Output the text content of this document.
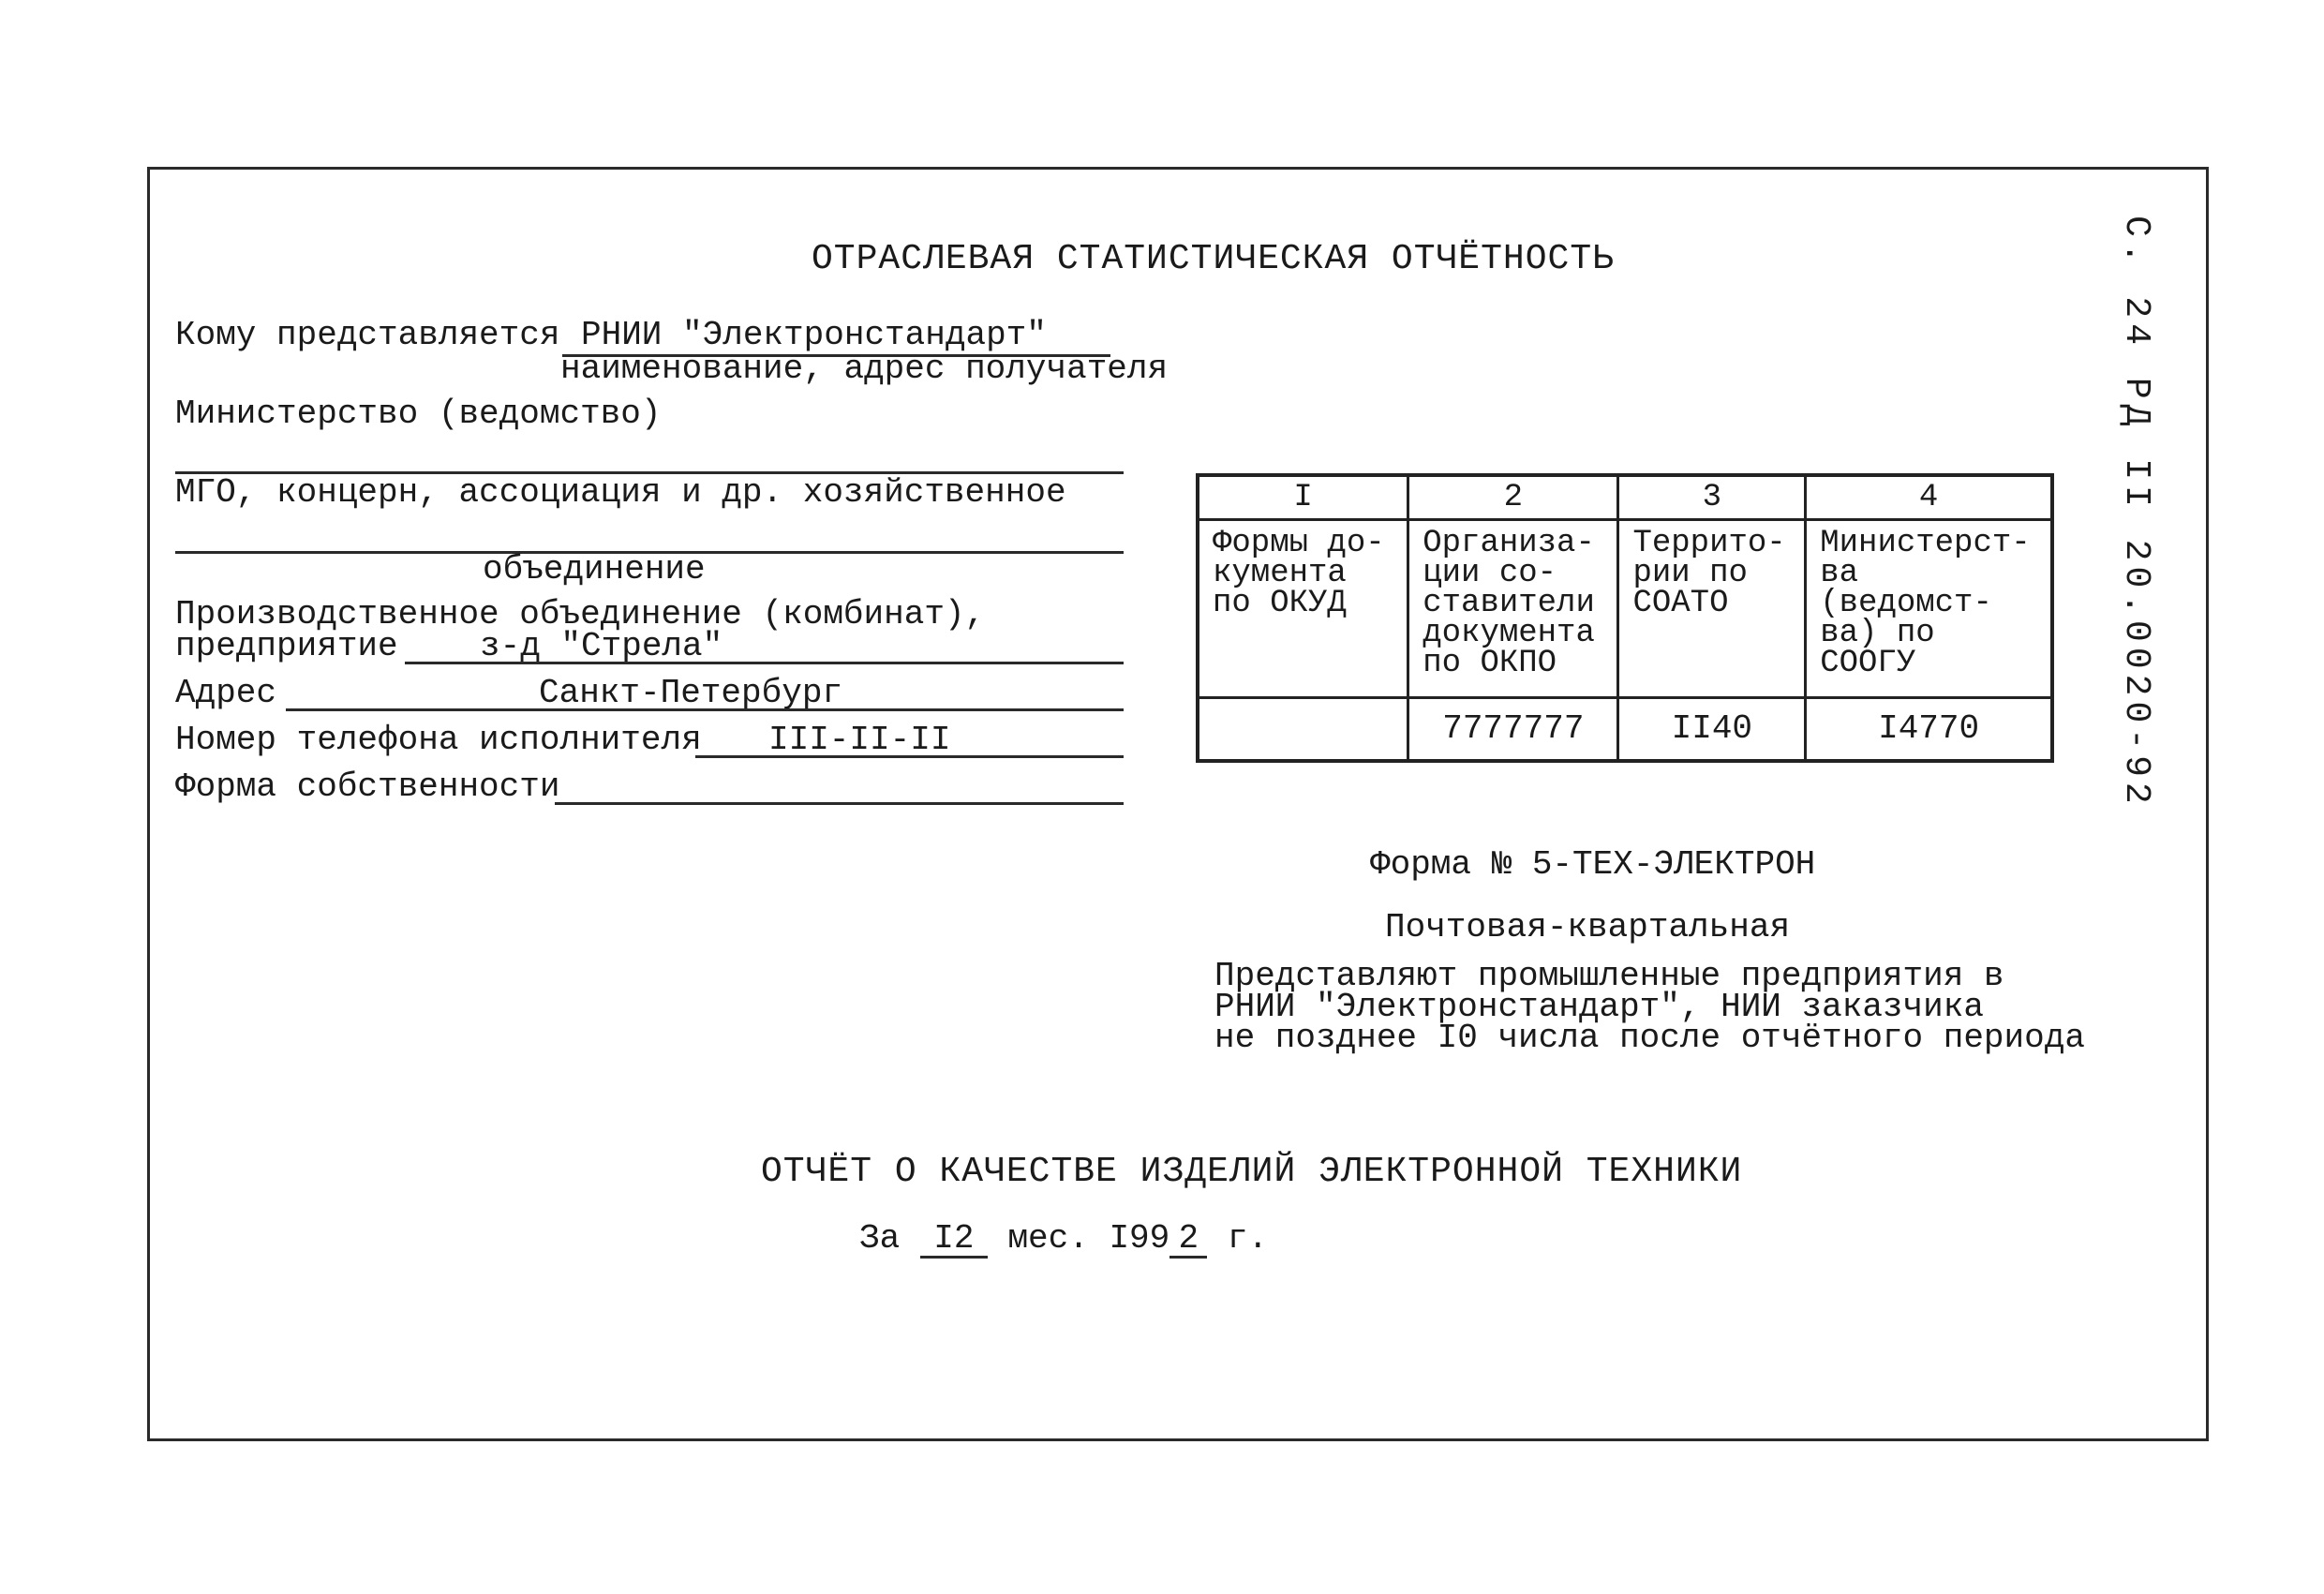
ОТРАСЛЕВАЯ СТАТИСТИЧЕСКАЯ ОТЧЁТНОСТЬ	С. 24 РД II 20.0020-92
Кому представляется РНИИ "Электронстандарт"
наименование, адрес получателя
Министерство (ведомство)
МГО, концерн, ассоциация и др. хозяйственное
объединение
Производственное объединение (комбинат),
предприятие з-д "Стрела"
Адрес	Санкт-Петербург
Номер телефона исполнителя III-II-II
Форма собственности
I	2	3	4
Формы до- кумента по ОКУД	Организа- ции со- ставители документа по ОКПО	Террито- рии по СОАТО	Министерст- ва (ведомст- ва) по СООГУ
	7777777	II40	I4770
Форма № 5-ТЕХ-ЭЛЕКТРОН
Почтовая-квартальная
Представляют промышленные предприятия в
РНИИ "Электронстандарт", НИИ заказчика
не позднее I0 числа после отчётного периода
ОТЧЁТ О КАЧЕСТВЕ ИЗДЕЛИЙ ЭЛЕКТРОННОЙ ТЕХНИКИ
За I2 мес. I99 2 г.
